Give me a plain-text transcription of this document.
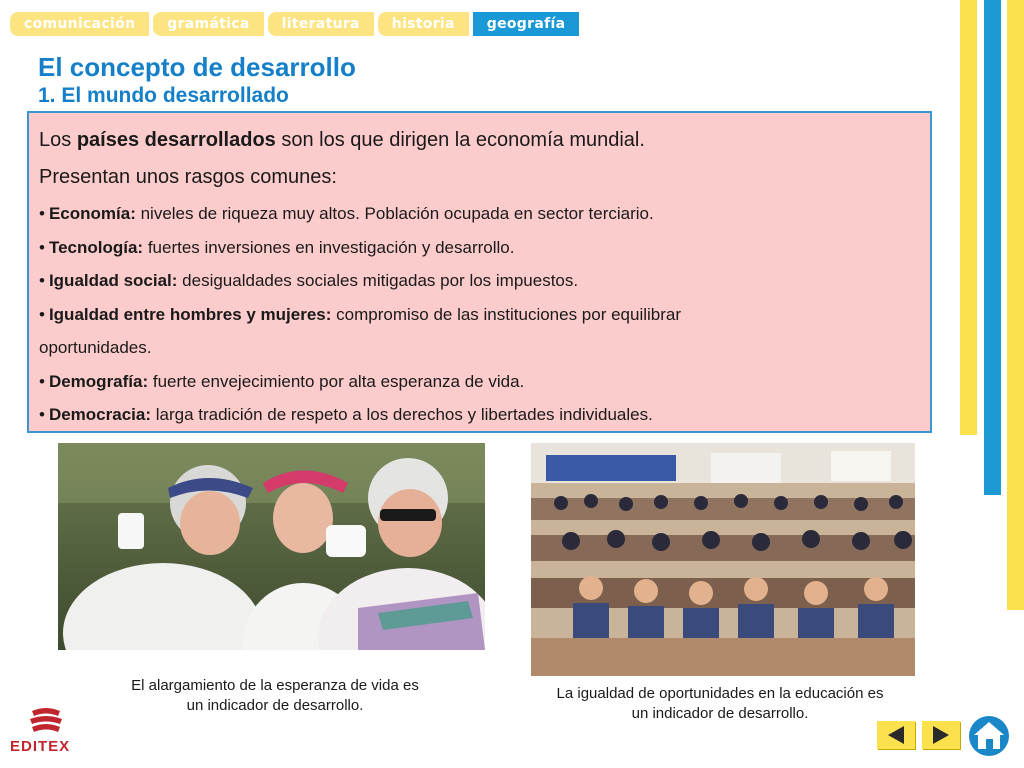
comunicación	gramática	literatura	historia	geografía
El concepto de desarrollo
1. El mundo desarrollado

Los países desarrollados son los que dirigen la economía mundial.

Presentan unos rasgos comunes:

• Economía: niveles de riqueza muy altos. Población ocupada en sector terciario.
• Tecnología: fuertes inversiones en investigación y desarrollo.
• Igualdad social: desigualdades sociales mitigadas por los impuestos.
• Igualdad entre hombres y mujeres: compromiso de las instituciones por equilibrar
oportunidades.
• Demografía: fuerte envejecimiento por alta esperanza de vida.
• Democracia: larga tradición de respeto a los derechos y libertades individuales.
El alargamiento de la esperanza de vida es
un indicador de desarrollo.
La igualdad de oportunidades en la educación es
un indicador de desarrollo.
EDITEX
